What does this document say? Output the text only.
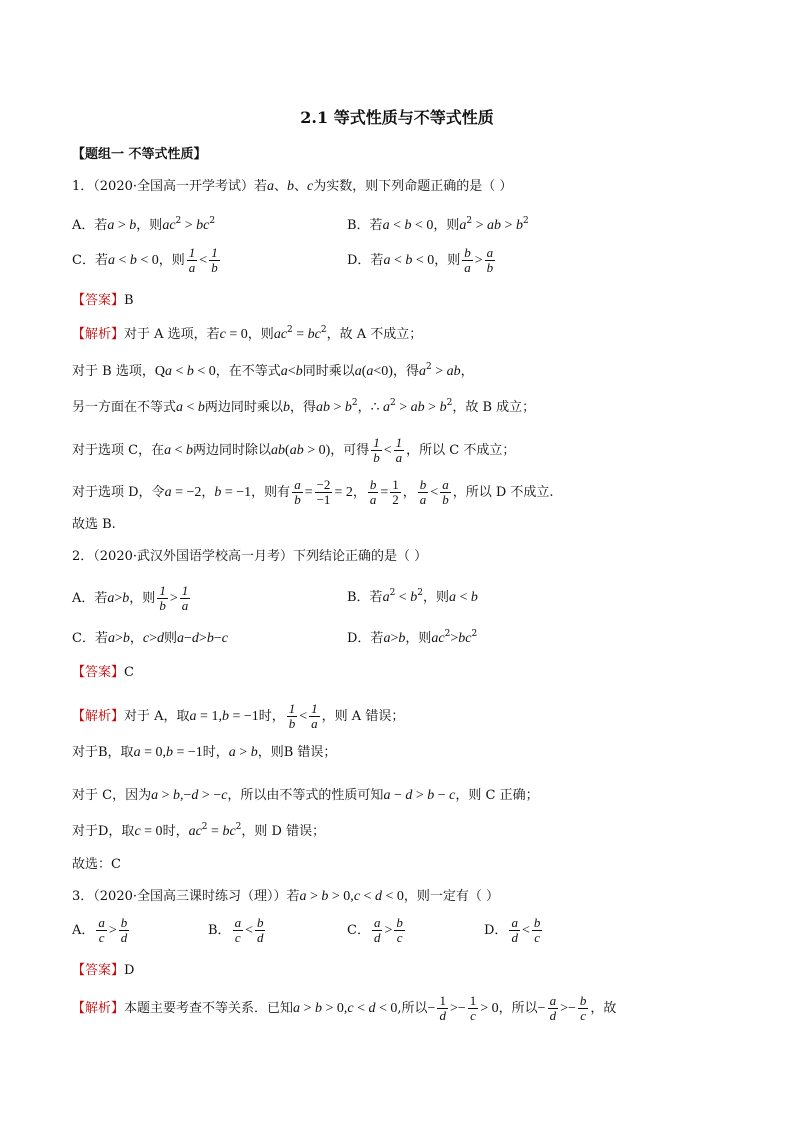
2.1 等式性质与不等式性质
【题组一 不等式性质】
1．（2020·全国高一开学考试）若a、b、c为实数，则下列命题正确的是（ ）
A．若a > b，则$ac^2 > bc^2$	B．若a < b < 0，则$a^2$ > ab > $b^2$
C．若a < b < 0，则 $\frac{1}{a} < \frac{1}{b}$	D．若a < b < 0，则 $\frac{b}{a} > \frac{a}{b}$
【答案】B
【解析】对于 A 选项，若c = 0，则$ac^2 = bc^2$，故 A 不成立；
对于 B 选项，Qa < b < 0，在不等式a<b同时乘以a(a<0)，得$a^2$ > ab，
另一方面在不等式a < b两边同时乘以b，得ab > $b^2$，∴ $a^2$ > ab > $b^2$，故 B 成立；
对于选项 C，在a < b两边同时除以ab(ab > 0)，可得 $\frac{1}{b} < \frac{1}{a}$ ，所以 C 不成立；
对于选项 D，令a = −2，b = −1，则有 $\frac{a}{b} = \frac{-2}{-1} = 2$， $\frac{b}{a} = \frac{1}{2}$ ， $\frac{b}{a} < \frac{a}{b}$ ，所以 D 不成立.
故选 B.
2．（2020·武汉外国语学校高一月考）下列结论正确的是（ ）
A．若a>b，则 $\frac{1}{b} > \frac{1}{a}$	B．若$a^2 < b^2$，则a < b
C．若a>b，c>d则a−d>b−c	D．若a>b，则$ac^2>bc^2$
【答案】C
【解析】对于 A，取a = 1,b = −1时， $\frac{1}{b} < \frac{1}{a}$ ，则 A 错误；
对于B，取a = 0,b = −1时，a > b，则B 错误；
对于 C，因为a > b,−d > −c，所以由不等式的性质可知a − d > b − c，则 C 正确；
对于D，取c = 0时，$ac^2 = bc^2$，则 D 错误；
故选：C
3．（2020·全国高三课时练习（理））若a > b > 0,c < d < 0，则一定有（ ）
A． $\frac{a}{c} > \frac{b}{d}$	B． $\frac{a}{c} < \frac{b}{d}$	C． $\frac{a}{d} > \frac{b}{c}$	D． $\frac{a}{d} < \frac{b}{c}$
【答案】D
【解析】本题主要考查不等关系．已知a > b > 0,c < d < 0,所以− $\frac{1}{d} >- \frac{1}{c} > 0$，所以− $\frac{a}{d} >- \frac{b}{c}$ ，故
